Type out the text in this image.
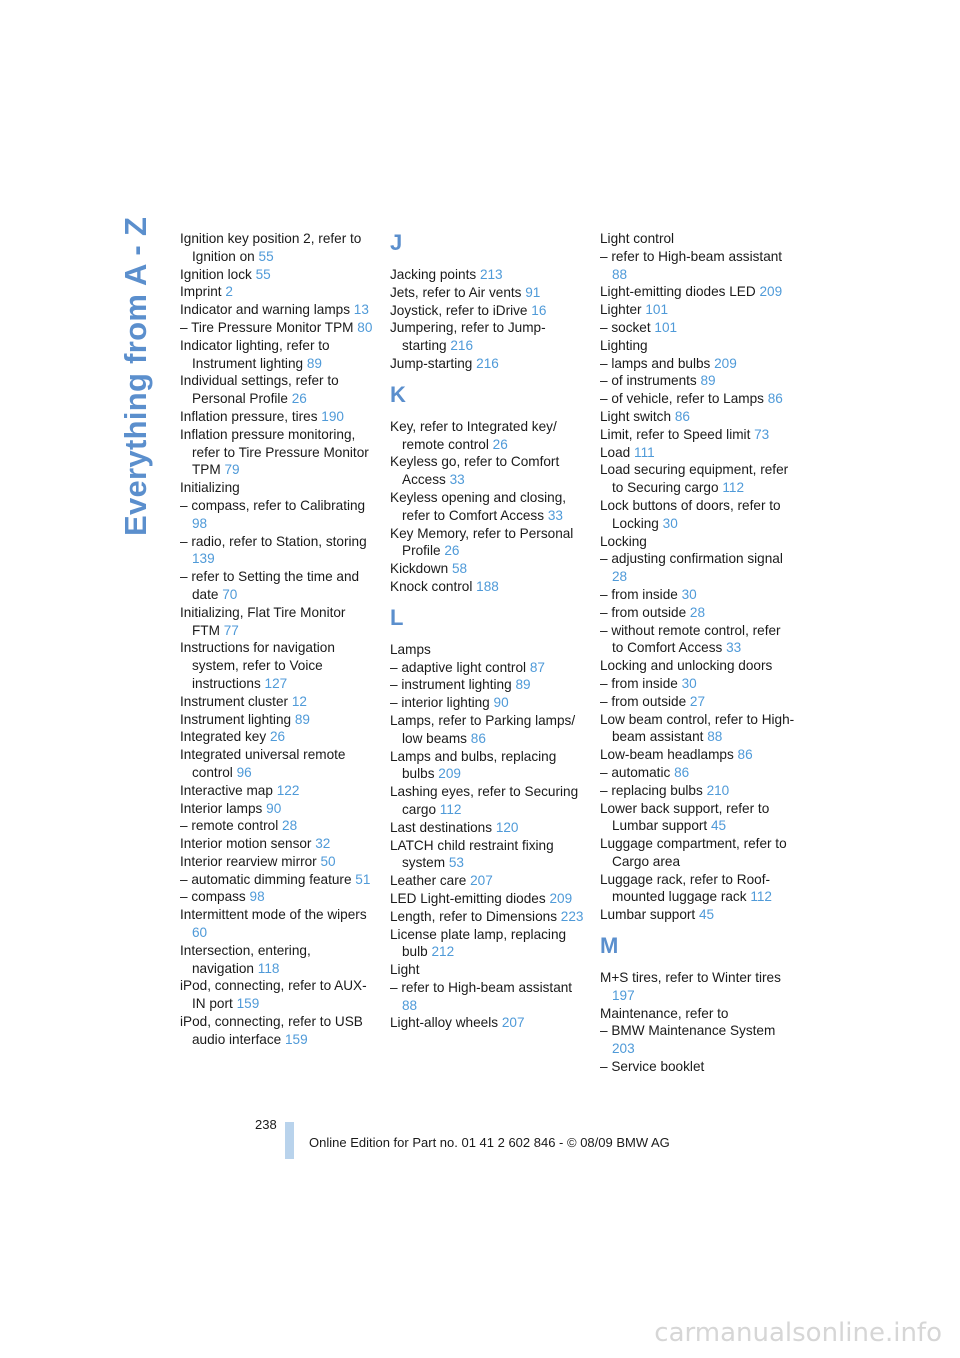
Everything from A - Z	Ignition key position 2, refer to Ignition on 55
Ignition lock 55
Imprint 2
Indicator and warning lamps 13
– Tire Pressure Monitor TPM 80
Indicator lighting, refer to Instrument lighting 89
Individual settings, refer to Personal Profile 26
Inflation pressure, tires 190
Inflation pressure monitoring, refer to Tire Pressure Monitor TPM 79
Initializing
– compass, refer to Calibrating 98
– radio, refer to Station, storing 139
– refer to Setting the time and date 70
Initializing, Flat Tire Monitor FTM 77
Instructions for navigation system, refer to Voice instructions 127
Instrument cluster 12
Instrument lighting 89
Integrated key 26
Integrated universal remote control 96
Interactive map 122
Interior lamps 90
– remote control 28
Interior motion sensor 32
Interior rearview mirror 50
– automatic dimming feature 51
– compass 98
Intermittent mode of the wipers 60
Intersection, entering, navigation 118
iPod, connecting, refer to AUX-IN port 159
iPod, connecting, refer to USB audio interface 159
J
Jacking points 213
Jets, refer to Air vents 91
Joystick, refer to iDrive 16
Jumpering, refer to Jump-starting 216
Jump-starting 216
K
Key, refer to Integrated key/ remote control 26
Keyless go, refer to Comfort Access 33
Keyless opening and closing, refer to Comfort Access 33
Key Memory, refer to Personal Profile 26
Kickdown 58
Knock control 188
L
Lamps
– adaptive light control 87
– instrument lighting 89
– interior lighting 90
Lamps, refer to Parking lamps/ low beams 86
Lamps and bulbs, replacing bulbs 209
Lashing eyes, refer to Securing cargo 112
Last destinations 120
LATCH child restraint fixing system 53
Leather care 207
LED Light-emitting diodes 209
Length, refer to Dimensions 223
License plate lamp, replacing bulb 212
Light
– refer to High-beam assistant 88
Light-alloy wheels 207
Light control
– refer to High-beam assistant 88
Light-emitting diodes LED 209
Lighter 101
– socket 101
Lighting
– lamps and bulbs 209
– of instruments 89
– of vehicle, refer to Lamps 86
Light switch 86
Limit, refer to Speed limit 73
Load 111
Load securing equipment, refer to Securing cargo 112
Lock buttons of doors, refer to Locking 30
Locking
– adjusting confirmation signal 28
– from inside 30
– from outside 28
– without remote control, refer to Comfort Access 33
Locking and unlocking doors
– from inside 30
– from outside 27
Low beam control, refer to High-beam assistant 88
Low-beam headlamps 86
– automatic 86
– replacing bulbs 210
Lower back support, refer to Lumbar support 45
Luggage compartment, refer to Cargo area
Luggage rack, refer to Roof-mounted luggage rack 112
Lumbar support 45
M
M+S tires, refer to Winter tires 197
Maintenance, refer to
– BMW Maintenance System 203
– Service booklet
238
Online Edition for Part no. 01 41 2 602 846 - © 08/09 BMW AG
carmanualsonline.info
